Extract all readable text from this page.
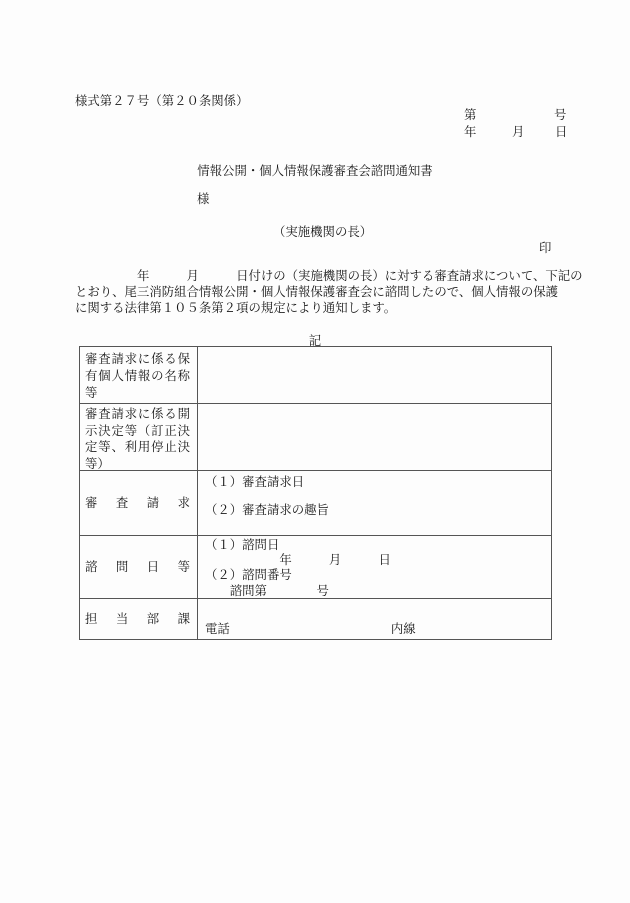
様式第２７号（第２０条関係）
第	号
年	月 日
情報公開・個人情報保護審査会諮問通知書
様
（実施機関の長）
印
　　　　　年　　　月　　　日付けの（実施機関の長）に対する審査請求について、下記の
とおり、尾三消防組合情報公開・個人情報保護審査会に諮問したので、個人情報の保護
に関する法律第１０５条第２項の規定により通知します。
記
審査請求に係る保
有個人情報の名称
等
審査請求に係る開
示決定等（訂正決
定等、利用停止決
等）
審査請求
（１）審査請求日
（２）審査請求の趣旨
諮問日等
（１）諮問日
　　　　　　年　　　月　　　日
（２）諮問番号
　　諮問第　　　　号
担当部課
電話　　　　　　　　　　　　　内線
